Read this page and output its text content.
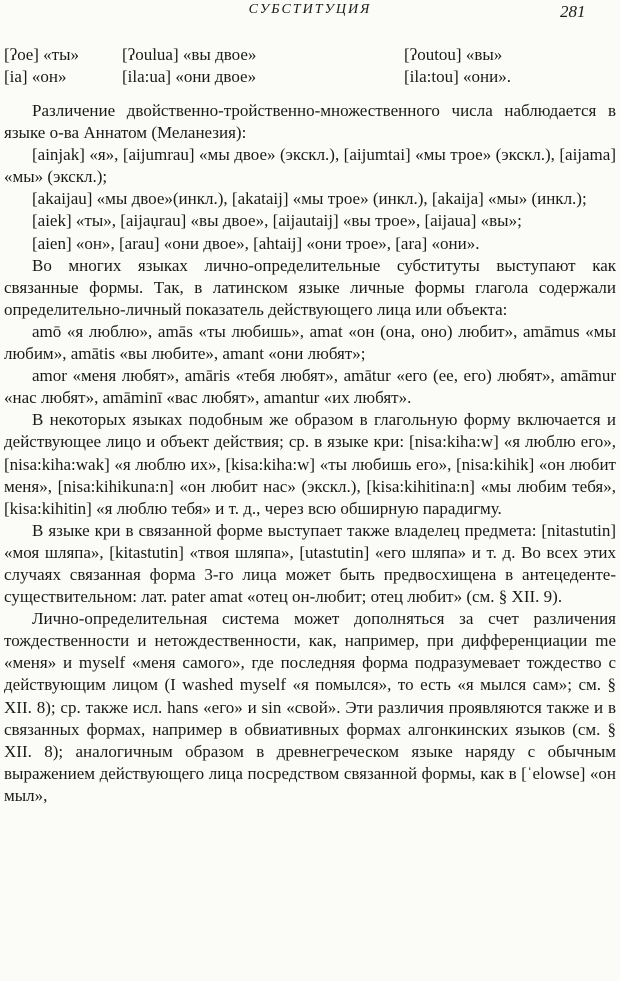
СУБСТИТУЦИЯ	281
[ʔoe] «ты»	[ʔoulua] «вы двое»	[ʔoutou] «вы»
[ia] «он»	[ila:ua] «они двое»	[ila:tou] «они».

Различение двойственно-тройственно-множественного числа наблюдается в языке о-ва Аннатом (Меланезия):

[ainjak] «я», [aijumrau] «мы двое» (экскл.), [aijumtai] «мы трое» (экскл.), [aijama] «мы» (экскл.);

[akaijau] «мы двое»(инкл.), [akataij] «мы трое» (инкл.), [akaija] «мы» (инкл.);

[aiek] «ты», [aijaụrau] «вы двое», [aijautaij] «вы трое», [aijaua] «вы»;

[aien] «он», [arau] «они двое», [ahtaij] «они трое», [ara] «они».

Во многих языках лично-определительные субституты выступают как связанные формы. Так, в латинском языке личные формы глагола содержали определительно-личный показатель действующего лица или объекта:

amō «я люблю», amās «ты любишь», amat «он (она, оно) любит», amāmus «мы любим», amātis «вы любите», amant «они любят»;

amor «меня любят», amāris «тебя любят», amātur «его (ее, его) любят», amāmur «нас любят», amāminī «вас любят», amantur «их любят».

В некоторых языках подобным же образом в глагольную форму включается и действующее лицо и объект действия; ср. в языке кри: [nisa:kiha:w] «я люблю его», [nisa:kiha:wak] «я люблю их», [kisa:kiha:w] «ты любишь его», [nisa:kihik] «он любит меня», [nisa:kihikuna:n] «он любит нас» (экскл.), [kisa:kihitina:n] «мы любим тебя», [kisa:kihitin] «я люблю тебя» и т. д., через всю обширную парадигму.

В языке кри в связанной форме выступает также владелец предмета: [nitastutin] «моя шляпа», [kitastutin] «твоя шляпа», [utastutin] «его шляпа» и т. д. Во всех этих случаях связанная форма 3-го лица может быть предвосхищена в антецеденте-существительном: лат. pater amat «отец он-любит; отец любит» (см. § XII. 9).

Лично-определительная система может дополняться за счет различения тождественности и нетождественности, как, например, при дифференциации me «меня» и myself «меня самого», где последняя форма подразумевает тождество с действующим лицом (I washed myself «я помылся», то есть «я мылся сам»; см. § XII. 8); ср. также исл. hans «его» и sin «свой». Эти различия проявляются также и в связанных формах, например в обвиативных формах алгонкинских языков (см. § XII. 8); аналогичным образом в древнегреческом языке наряду с обычным выражением действующего лица посредством связанной формы, как в [ˈelowse] «он мыл»,
